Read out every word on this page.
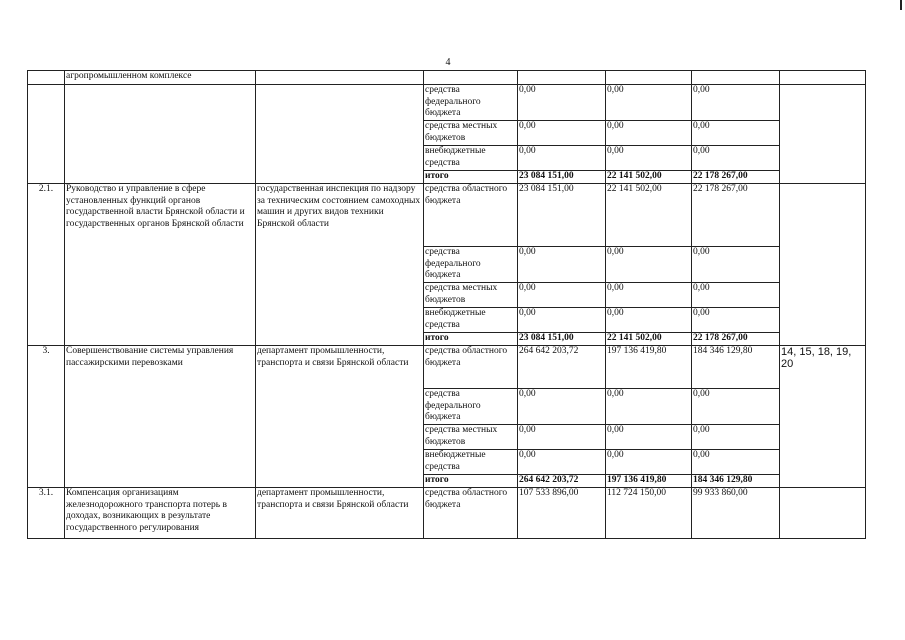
4
	агропромышленном комплексе						
			средства федерального бюджета	0,00	0,00	0,00	
			средства местных бюджетов	0,00	0,00	0,00	
			внебюджетные средства	0,00	0,00	0,00	
			итого	23 084 151,00	22 141 502,00	22 178 267,00	
2.1.	Руководство и управление в сфере установленных функций органов государственной власти Брянской области и государственных органов Брянской области	государственная инспекция по надзору за техническим состоянием самоходных машин и других видов техники Брянской области	средства областного бюджета	23 084 151,00	22 141 502,00	22 178 267,00	
			средства федерального бюджета	0,00	0,00	0,00	
			средства местных бюджетов	0,00	0,00	0,00	
			внебюджетные средства	0,00	0,00	0,00	
			итого	23 084 151,00	22 141 502,00	22 178 267,00	
3.	Совершенствование системы управления пассажирскими перевозками	департамент промышленности, транспорта и связи Брянской области	средства областного бюджета	264 642 203,72	197 136 419,80	184 346 129,80	14, 15, 18, 19, 20
			средства федерального бюджета	0,00	0,00	0,00	
			средства местных бюджетов	0,00	0,00	0,00	
			внебюджетные средства	0,00	0,00	0,00	
			итого	264 642 203,72	197 136 419,80	184 346 129,80	
3.1.	Компенсация организациям железнодорожного транспорта потерь в доходах, возникающих в результате государственного регулирования	департамент промышленности, транспорта и связи Брянской области	средства областного бюджета	107 533 896,00	112 724 150,00	99 933 860,00	
